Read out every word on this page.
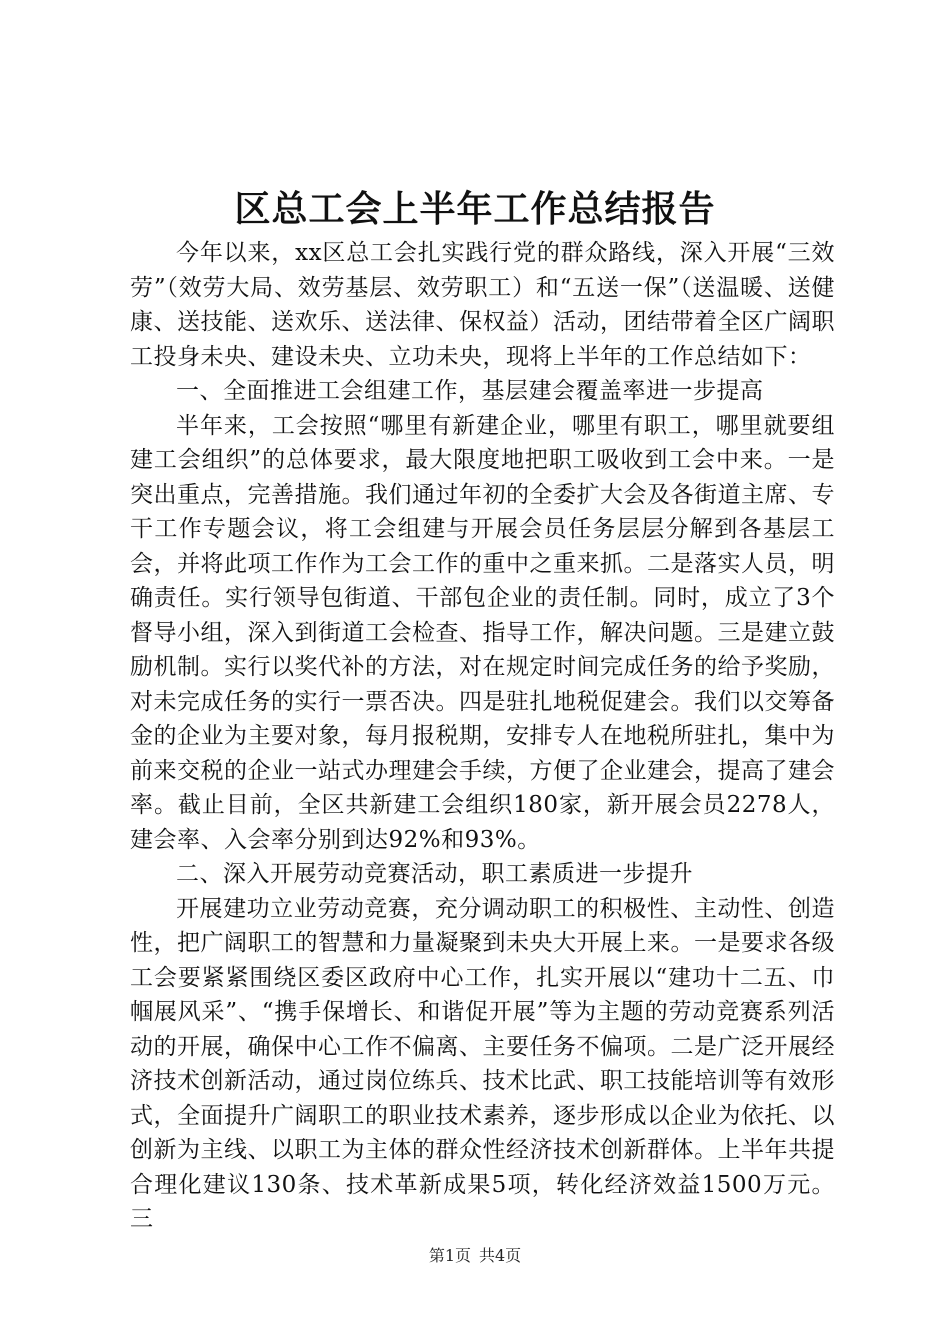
区总工会上半年工作总结报告

今年以来，xx区总工会扎实践行党的群众路线，深入开展“三效劳”（效劳大局、效劳基层、效劳职工）和“五送一保”（送温暖、送健康、送技能、送欢乐、送法律、保权益）活动，团结带着全区广阔职工投身未央、建设未央、立功未央，现将上半年的工作总结如下：

一、全面推进工会组建工作，基层建会覆盖率进一步提高

半年来，工会按照“哪里有新建企业，哪里有职工，哪里就要组建工会组织”的总体要求，最大限度地把职工吸收到工会中来。一是突出重点，完善措施。我们通过年初的全委扩大会及各街道主席、专干工作专题会议，将工会组建与开展会员任务层层分解到各基层工会，并将此项工作作为工会工作的重中之重来抓。二是落实人员，明确责任。实行领导包街道、干部包企业的责任制。同时，成立了3个督导小组，深入到街道工会检查、指导工作，解决问题。三是建立鼓励机制。实行以奖代补的方法，对在规定时间完成任务的给予奖励，对未完成任务的实行一票否决。四是驻扎地税促建会。我们以交筹备金的企业为主要对象，每月报税期，安排专人在地税所驻扎，集中为前来交税的企业一站式办理建会手续，方便了企业建会，提高了建会率。截止目前，全区共新建工会组织180家，新开展会员2278人，建会率、入会率分别到达92%和93%。

二、深入开展劳动竞赛活动，职工素质进一步提升

开展建功立业劳动竞赛，充分调动职工的积极性、主动性、创造性，把广阔职工的智慧和力量凝聚到未央大开展上来。一是要求各级工会要紧紧围绕区委区政府中心工作，扎实开展以“建功十二五、巾帼展风采”、“携手保增长、和谐促开展”等为主题的劳动竞赛系列活动的开展，确保中心工作不偏离、主要任务不偏项。二是广泛开展经济技术创新活动，通过岗位练兵、技术比武、职工技能培训等有效形式，全面提升广阔职工的职业技术素养，逐步形成以企业为依托、以创新为主线、以职工为主体的群众性经济技术创新群体。上半年共提合理化建议130条、技术革新成果5项，转化经济效益1500万元。三

第1页 共4页
